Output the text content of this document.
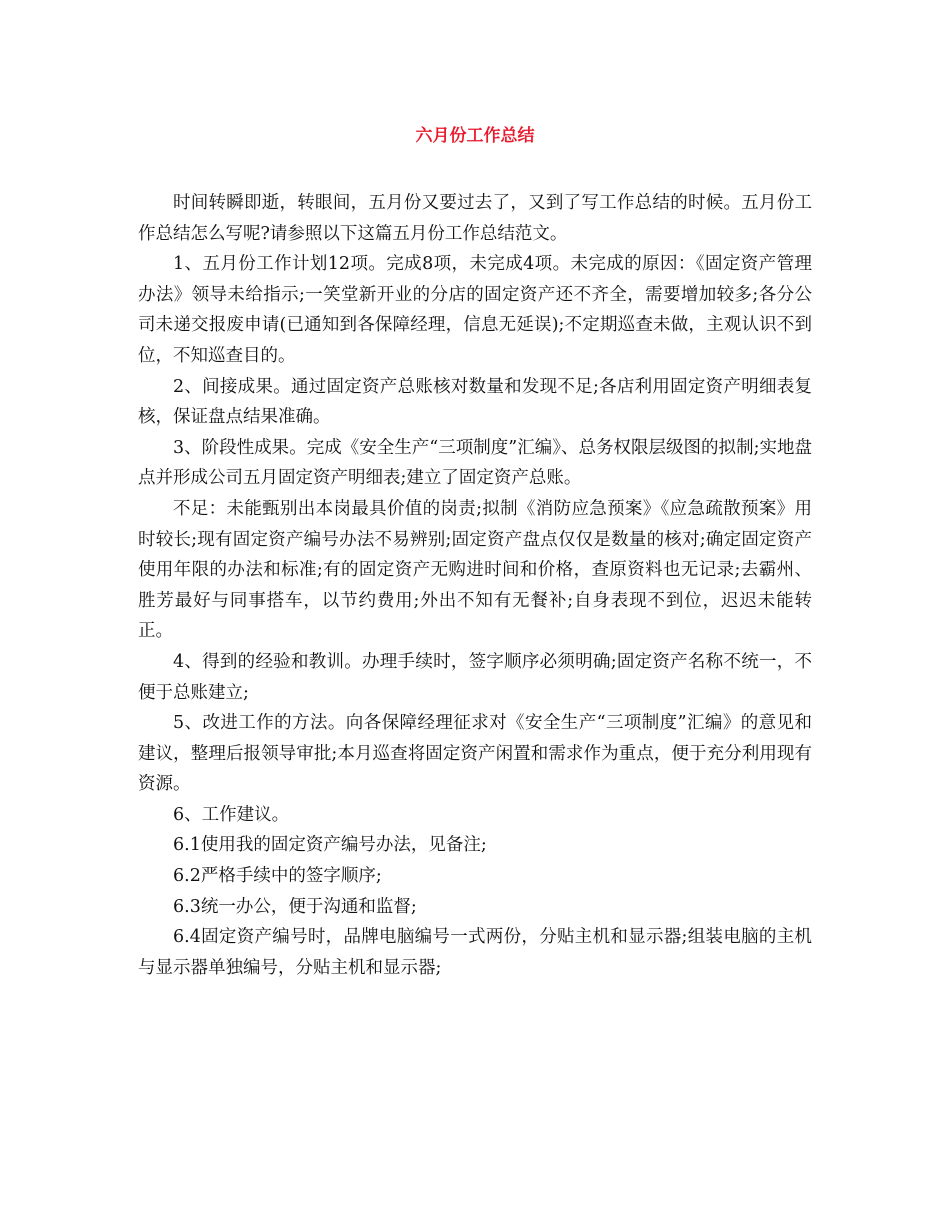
六月份工作总结

时间转瞬即逝，转眼间，五月份又要过去了，又到了写工作总结的时候。五月份工作总结怎么写呢?请参照以下这篇五月份工作总结范文。

1、五月份工作计划12项。完成8项，未完成4项。未完成的原因：《固定资产管理办法》领导未给指示;一笑堂新开业的分店的固定资产还不齐全，需要增加较多;各分公司未递交报废申请(已通知到各保障经理，信息无延误);不定期巡查未做，主观认识不到位，不知巡查目的。

2、间接成果。通过固定资产总账核对数量和发现不足;各店利用固定资产明细表复核，保证盘点结果准确。

3、阶段性成果。完成《安全生产“三项制度”汇编》、总务权限层级图的拟制;实地盘点并形成公司五月固定资产明细表;建立了固定资产总账。

不足：未能甄别出本岗最具价值的岗责;拟制《消防应急预案》《应急疏散预案》用时较长;现有固定资产编号办法不易辨别;固定资产盘点仅仅是数量的核对;确定固定资产使用年限的办法和标准;有的固定资产无购进时间和价格，查原资料也无记录;去霸州、胜芳最好与同事搭车，以节约费用;外出不知有无餐补;自身表现不到位，迟迟未能转正。

4、得到的经验和教训。办理手续时，签字顺序必须明确;固定资产名称不统一，不便于总账建立;

5、改进工作的方法。向各保障经理征求对《安全生产“三项制度”汇编》的意见和建议，整理后报领导审批;本月巡查将固定资产闲置和需求作为重点，便于充分利用现有资源。

6、工作建议。

6.1使用我的固定资产编号办法，见备注;

6.2严格手续中的签字顺序;

6.3统一办公，便于沟通和监督;

6.4固定资产编号时，品牌电脑编号一式两份，分贴主机和显示器;组装电脑的主机与显示器单独编号，分贴主机和显示器;
